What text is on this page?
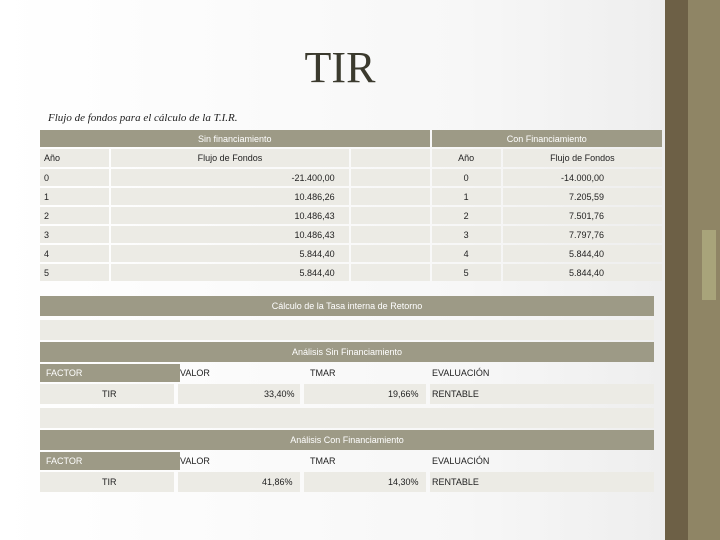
TIR
Flujo de fondos para el cálculo de la T.I.R.
Sin financiamiento			Con Financiamiento	
Año	Flujo de Fondos		Año	Flujo de Fondos
0	-21.400,00		0	-14.000,00
1	10.486,26		1	7.205,59
2	10.486,43		2	7.501,76
3	10.486,43		3	7.797,76
4	5.844,40		4	5.844,40
5	5.844,40		5	5.844,40
Cálculo de la Tasa interna de Retorno
Análisis Sin Financiamiento
FACTOR	VALOR	TMAR	EVALUACIÓN
TIR	33,40%	19,66% RENTABLE
Análisis Con Financiamiento
FACTOR	VALOR	TMAR	EVALUACIÓN
TIR	41,86%	14,30% RENTABLE
